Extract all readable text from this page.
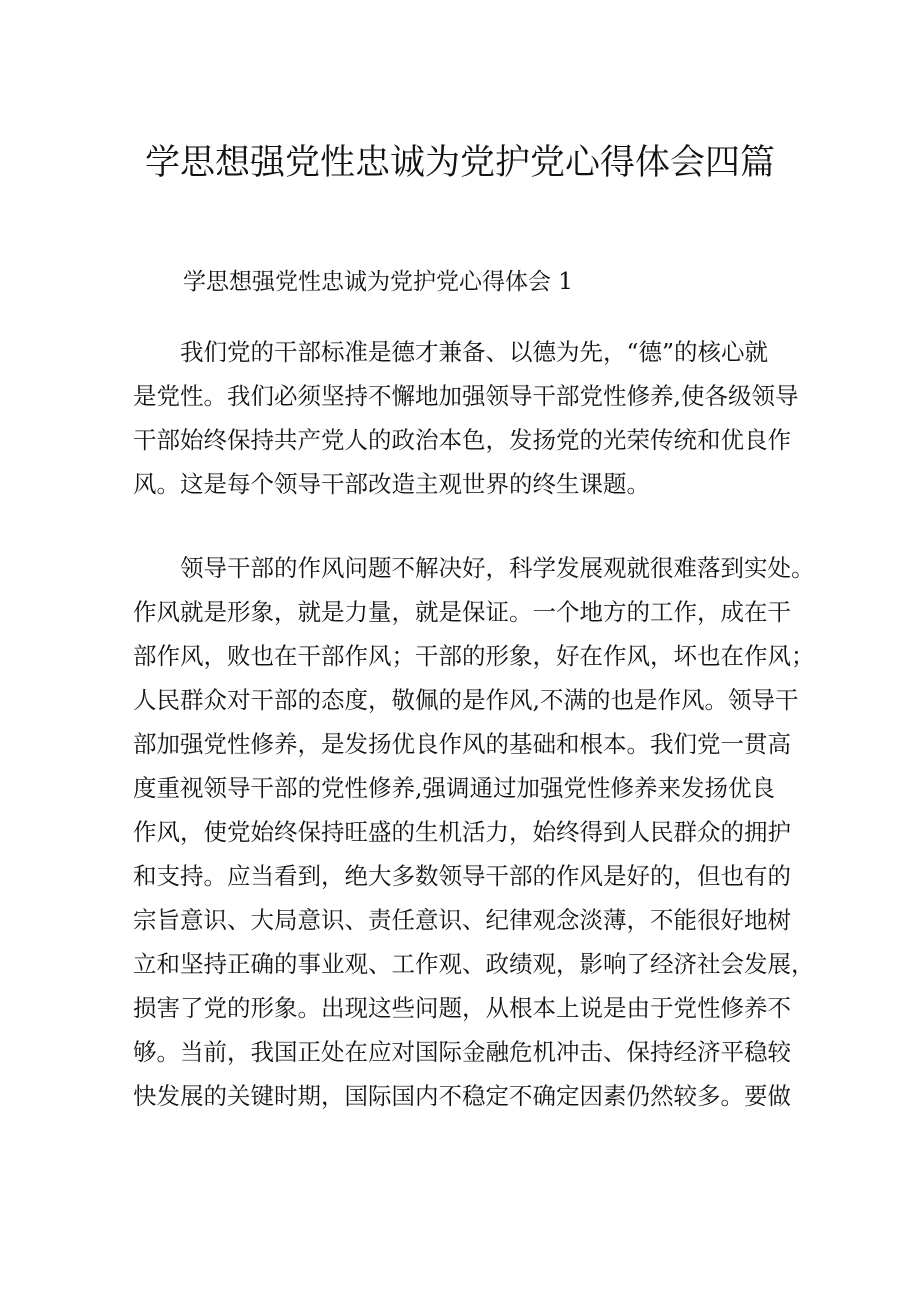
学思想强党性忠诚为党护党心得体会四篇
学思想强党性忠诚为党护党心得体会 1
　　我们党的干部标准是德才兼备、以德为先，“德”的核心就
是党性。我们必须坚持不懈地加强领导干部党性修养,使各级领导
干部始终保持共产党人的政治本色，发扬党的光荣传统和优良作
风。这是每个领导干部改造主观世界的终生课题。
　　领导干部的作风问题不解决好，科学发展观就很难落到实处。
作风就是形象，就是力量，就是保证。一个地方的工作，成在干
部作风，败也在干部作风；干部的形象，好在作风，坏也在作风；
人民群众对干部的态度，敬佩的是作风,不满的也是作风。领导干
部加强党性修养，是发扬优良作风的基础和根本。我们党一贯高
度重视领导干部的党性修养,强调通过加强党性修养来发扬优良
作风，使党始终保持旺盛的生机活力，始终得到人民群众的拥护
和支持。应当看到，绝大多数领导干部的作风是好的，但也有的
宗旨意识、大局意识、责任意识、纪律观念淡薄，不能很好地树
立和坚持正确的事业观、工作观、政绩观，影响了经济社会发展，
损害了党的形象。出现这些问题，从根本上说是由于党性修养不
够。当前，我国正处在应对国际金融危机冲击、保持经济平稳较
快发展的关键时期，国际国内不稳定不确定因素仍然较多。要做
